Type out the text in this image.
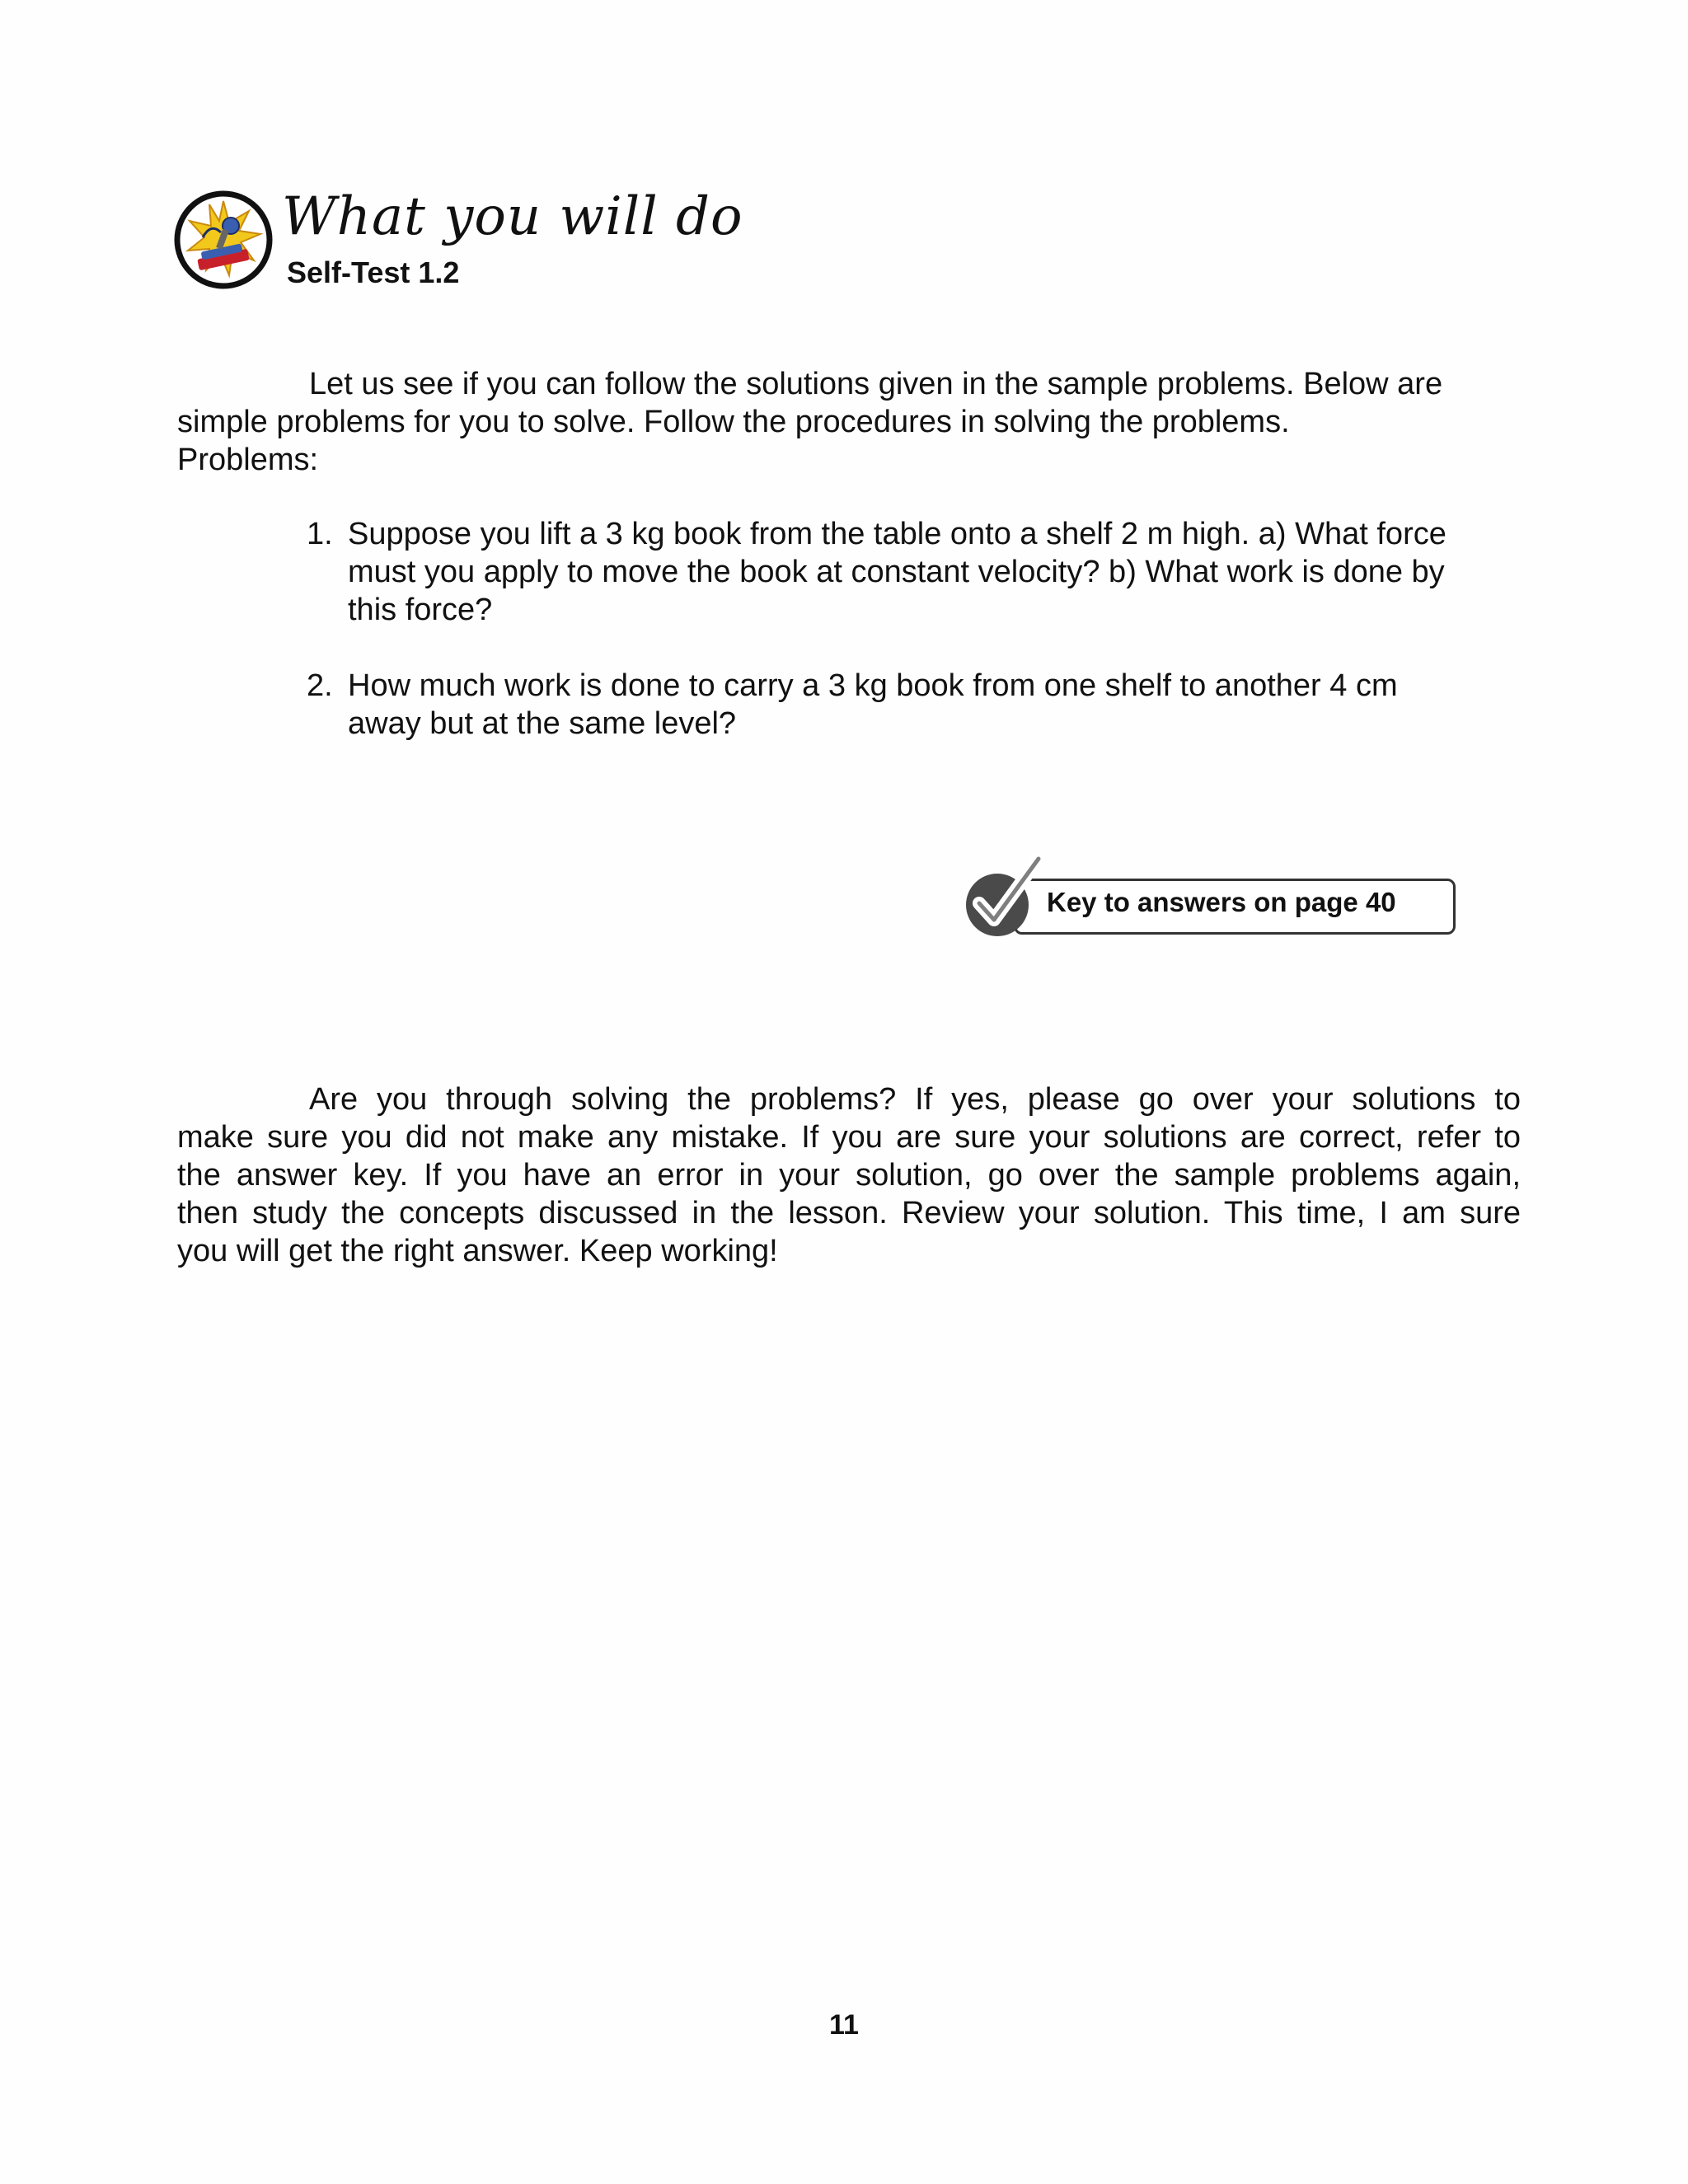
What you will do
Self-Test 1.2
Let us see if you can follow the solutions given in the sample problems. Below are
simple problems for you to solve. Follow the procedures in solving the problems.
Problems:
1. Suppose you lift a 3 kg book from the table onto a shelf 2 m high. a) What force
must you apply to move the book at constant velocity? b) What work is done by
this force?
2. How much work is done to carry a 3 kg book from one shelf to another 4 cm
away but at the same level?
Key to answers on page 40
Are you through solving the problems? If yes, please go over your solutions to
make sure you did not make any mistake. If you are sure your solutions are correct, refer to
the answer key. If you have an error in your solution, go over the sample problems again,
then study the concepts discussed in the lesson. Review your solution. This time, I am sure
you will get the right answer. Keep working!
11
